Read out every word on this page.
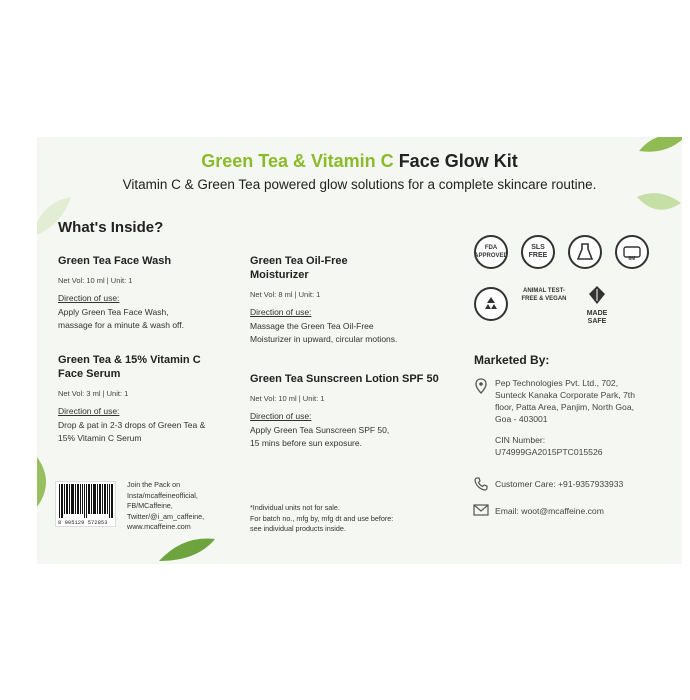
Green Tea & Vitamin C Face Glow Kit
Vitamin C & Green Tea powered glow solutions for a complete skincare routine.
What's Inside?
Green Tea Face Wash
Net Vol: 10 ml | Unit: 1
Direction of use:
Apply Green Tea Face Wash,
massage for a minute & wash off.
Green Tea & 15% Vitamin C
Face Serum
Net Vol: 3 ml | Unit: 1
Direction of use:
Drop & pat in 2-3 drops of Green Tea &
15% Vitamin C Serum
Green Tea Oil-Free
Moisturizer
Net Vol: 8 ml | Unit: 1
Direction of use:
Massage the Green Tea Oil-Free
Moisturizer in upward, circular motions.
Green Tea Sunscreen Lotion SPF 50
Net Vol: 10 ml | Unit: 1
Direction of use:
Apply Green Tea Sunscreen SPF 50,
15 mins before sun exposure.
FDA APPROVED
SLS FREE	6M
ANIMAL TEST-FREE & VEGAN
MADE SAFE
Marketed By:
Pep Technologies Pvt. Ltd., 702,
Sunteck Kanaka Corporate Park, 7th
floor, Patta Area, Panjim, North Goa,
Goa - 403001
CIN Number:
U74999GA2015PTC015526
Customer Care: +91-9357933933
Email: woot@mcaffeine.com
8 905129 572853
Join the Pack on
Insta/mcaffeineofficial,
FB/MCaffeine,
Twitter/@i_am_caffeine,
www.mcaffeine.com
*Individual units not for sale.
For batch no., mfg by, mfg dt and use before:
see individual products inside.
